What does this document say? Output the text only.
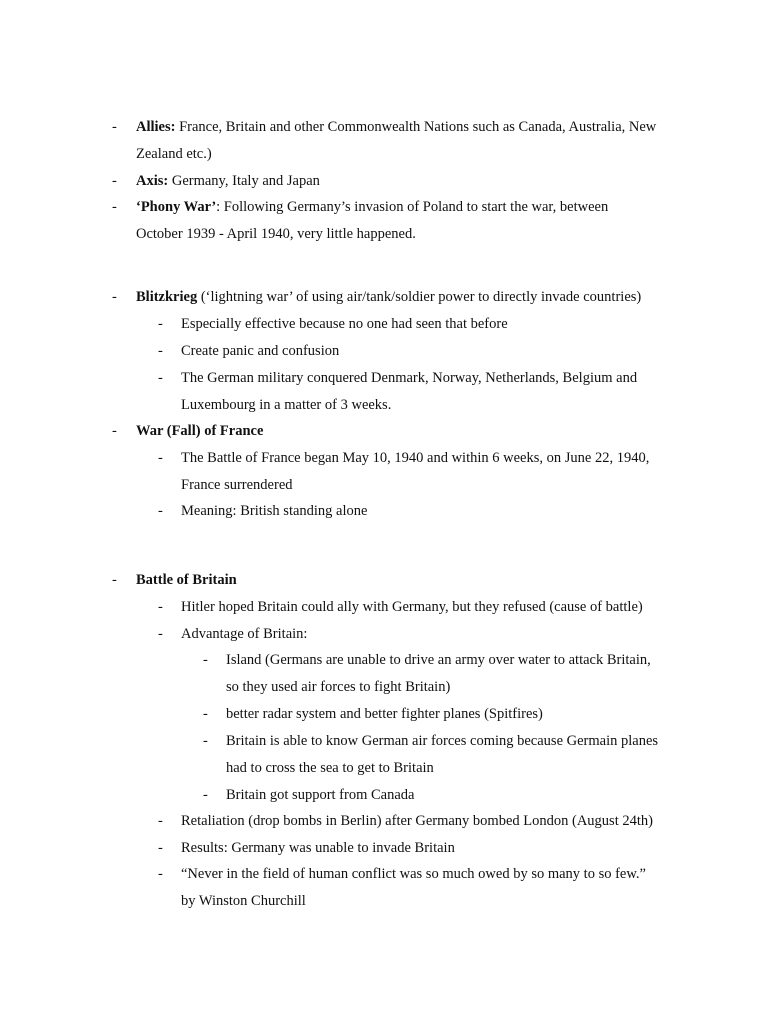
- Allies: France, Britain and other Commonwealth Nations such as Canada, Australia, New
Zealand etc.)
- Axis: Germany, Italy and Japan
- ‘Phony War’: Following Germany’s invasion of Poland to start the war, between
October 1939 - April 1940, very little happened.
- Blitzkrieg (‘lightning war’ of using air/tank/soldier power to directly invade countries)
- Especially effective because no one had seen that before
- Create panic and confusion
- The German military conquered Denmark, Norway, Netherlands, Belgium and
Luxembourg in a matter of 3 weeks.
- War (Fall) of France
- The Battle of France began May 10, 1940 and within 6 weeks, on June 22, 1940,
France surrendered
- Meaning: British standing alone
- Battle of Britain
- Hitler hoped Britain could ally with Germany, but they refused (cause of battle)
- Advantage of Britain:
- Island (Germans are unable to drive an army over water to attack Britain,
so they used air forces to fight Britain)
- better radar system and better fighter planes (Spitfires)
- Britain is able to know German air forces coming because Germain planes
had to cross the sea to get to Britain
- Britain got support from Canada
- Retaliation (drop bombs in Berlin) after Germany bombed London (August 24th)
- Results: Germany was unable to invade Britain
- “Never in the field of human conflict was so much owed by so many to so few.”
by Winston Churchill
